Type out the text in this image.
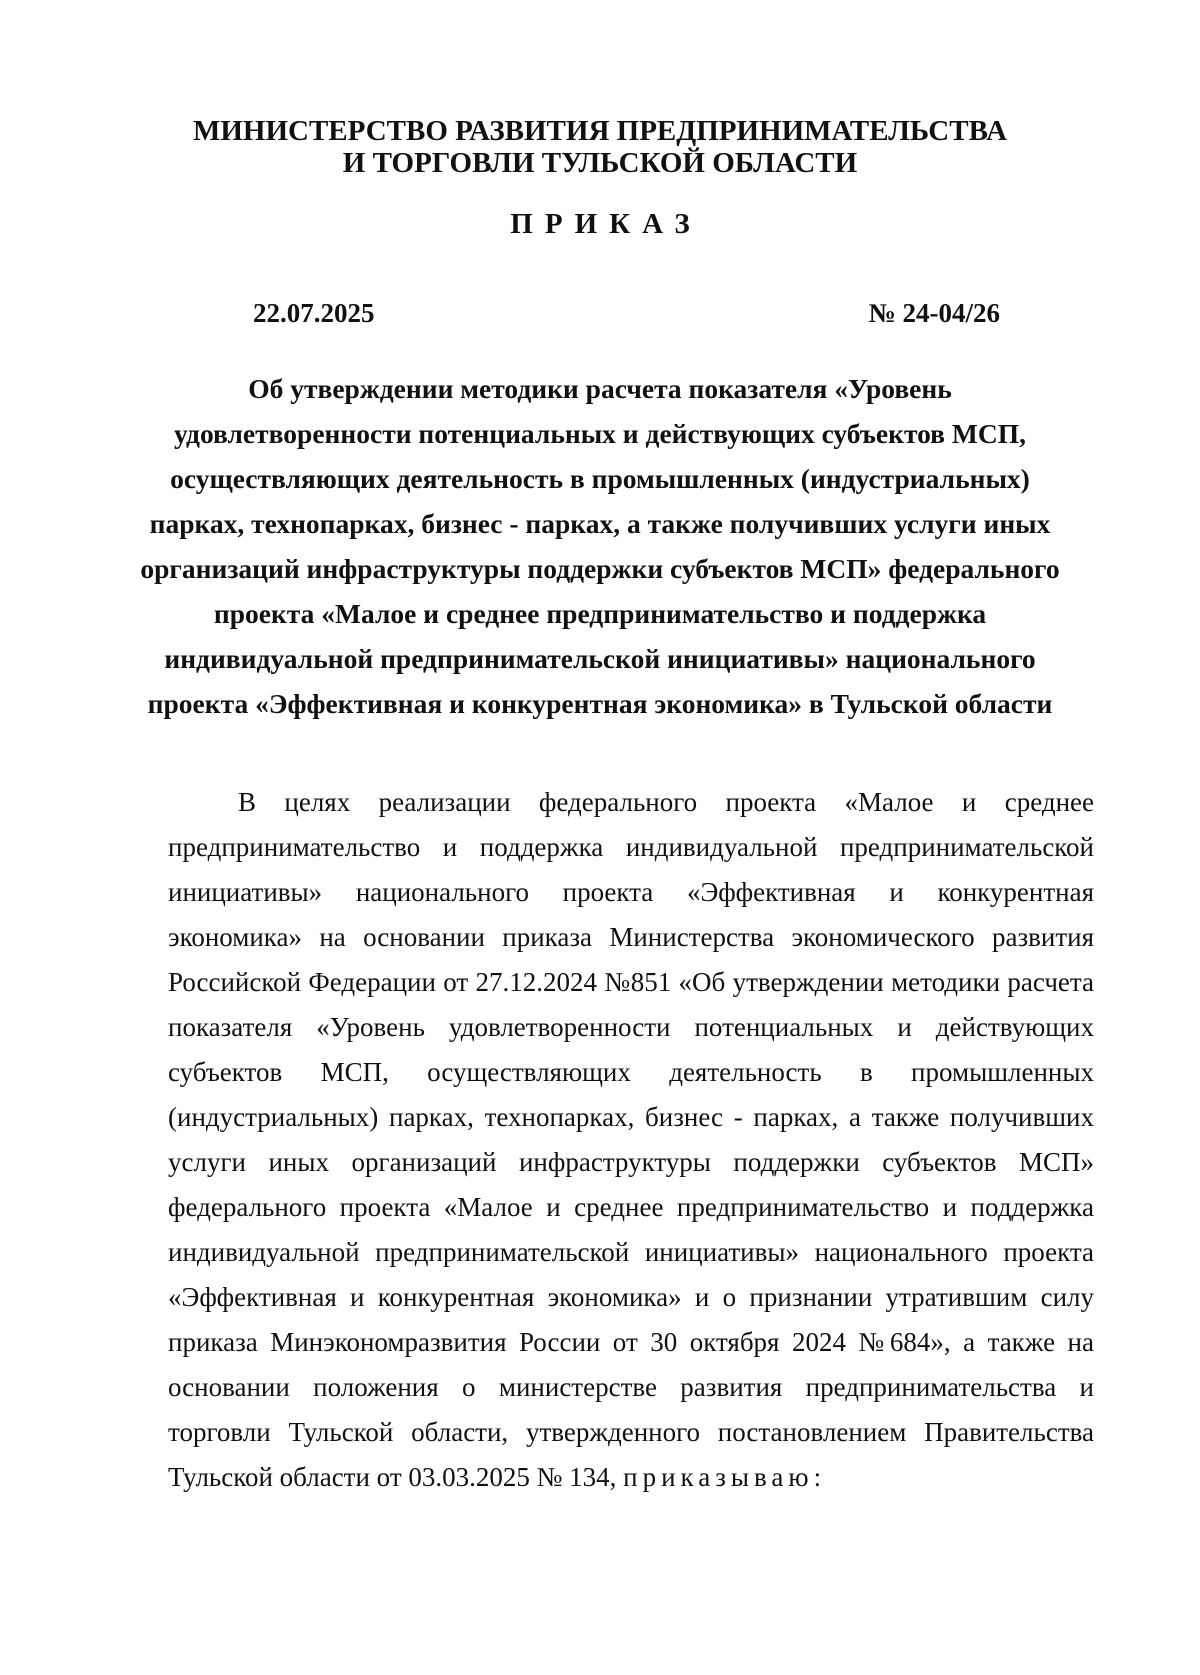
МИНИСТЕРСТВО РАЗВИТИЯ ПРЕДПРИНИМАТЕЛЬСТВА
И ТОРГОВЛИ ТУЛЬСКОЙ ОБЛАСТИ
ПРИКАЗ
22.07.2025	№ 24-04/26
Об утверждении методики расчета показателя «Уровень
удовлетворенности потенциальных и действующих субъектов МСП,
осуществляющих деятельность в промышленных (индустриальных)
парках, технопарках, бизнес - парках, а также получивших услуги иных
организаций инфраструктуры поддержки субъектов МСП» федерального
проекта «Малое и среднее предпринимательство и поддержка
индивидуальной предпринимательской инициативы» национального
проекта «Эффективная и конкурентная экономика» в Тульской области
В целях реализации федерального проекта «Малое и среднее
предпринимательство и поддержка индивидуальной предпринимательской
инициативы» национального проекта «Эффективная и конкурентная
экономика» на основании приказа Министерства экономического развития
Российской Федерации от 27.12.2024 №851 «Об утверждении методики расчета
показателя «Уровень удовлетворенности потенциальных и действующих
субъектов МСП, осуществляющих деятельность в промышленных
(индустриальных) парках, технопарках, бизнес - парках, а также получивших
услуги иных организаций инфраструктуры поддержки субъектов МСП»
федерального проекта «Малое и среднее предпринимательство и поддержка
индивидуальной предпринимательской инициативы» национального проекта
«Эффективная и конкурентная экономика» и о признании утратившим силу
приказа Минэкономразвития России от 30 октября 2024 №684», а также на
основании положения о министерстве развития предпринимательства и
торговли Тульской области, утвержденного постановлением Правительства
Тульской области от 03.03.2025 № 134, приказываю:
